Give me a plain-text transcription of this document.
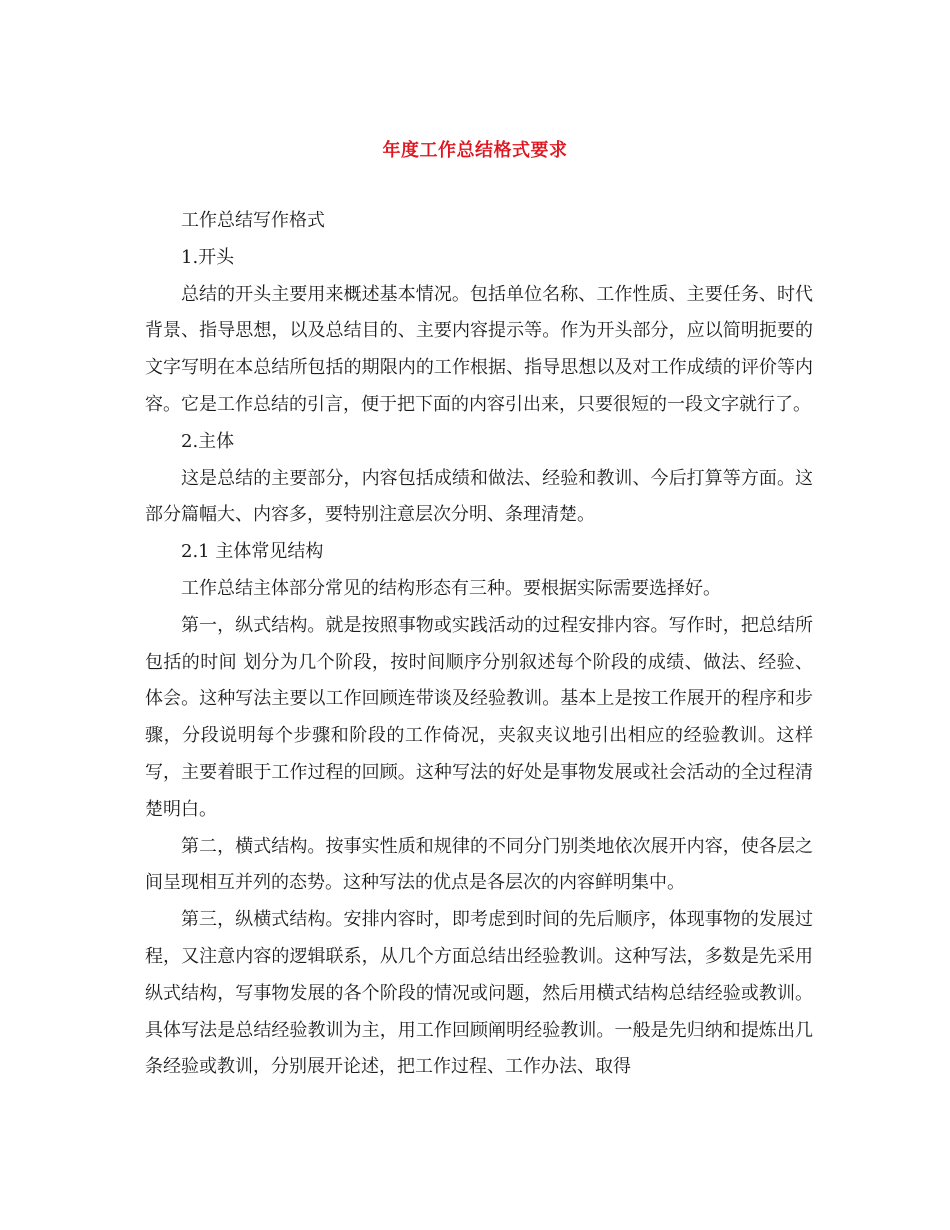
年度工作总结格式要求

工作总结写作格式

1.开头

总结的开头主要用来概述基本情况。包括单位名称、工作性质、主要任务、时代背景、指导思想，以及总结目的、主要内容提示等。作为开头部分，应以简明扼要的文字写明在本总结所包括的期限内的工作根据、指导思想以及对工作成绩的评价等内容。它是工作总结的引言，便于把下面的内容引出来，只要很短的一段文字就行了。

2.主体

这是总结的主要部分，内容包括成绩和做法、经验和教训、今后打算等方面。这部分篇幅大、内容多，要特别注意层次分明、条理清楚。

2.1 主体常见结构

工作总结主体部分常见的结构形态有三种。要根据实际需要选择好。

第一，纵式结构。就是按照事物或实践活动的过程安排内容。写作时，把总结所包括的时间 划分为几个阶段，按时间顺序分别叙述每个阶段的成绩、做法、经验、体会。这种写法主要以工作回顾连带谈及经验教训。基本上是按工作展开的程序和步骤，分段说明每个步骤和阶段的工作倚况，夹叙夹议地引出相应的经验教训。这样写，主要着眼于工作过程的回顾。这种写法的好处是事物发展或社会活动的全过程清楚明白。

第二，横式结构。按事实性质和规律的不同分门别类地依次展开内容，使各层之间呈现相互并列的态势。这种写法的优点是各层次的内容鲜明集中。

第三，纵横式结构。安排内容时，即考虑到时间的先后顺序，体现事物的发展过程，又注意内容的逻辑联系，从几个方面总结出经验教训。这种写法，多数是先采用纵式结构，写事物发展的各个阶段的情况或问题，然后用横式结构总结经验或教训。具体写法是总结经验教训为主，用工作回顾阐明经验教训。一般是先归纳和提炼出几条经验或教训，分别展开论述，把工作过程、工作办法、取得
